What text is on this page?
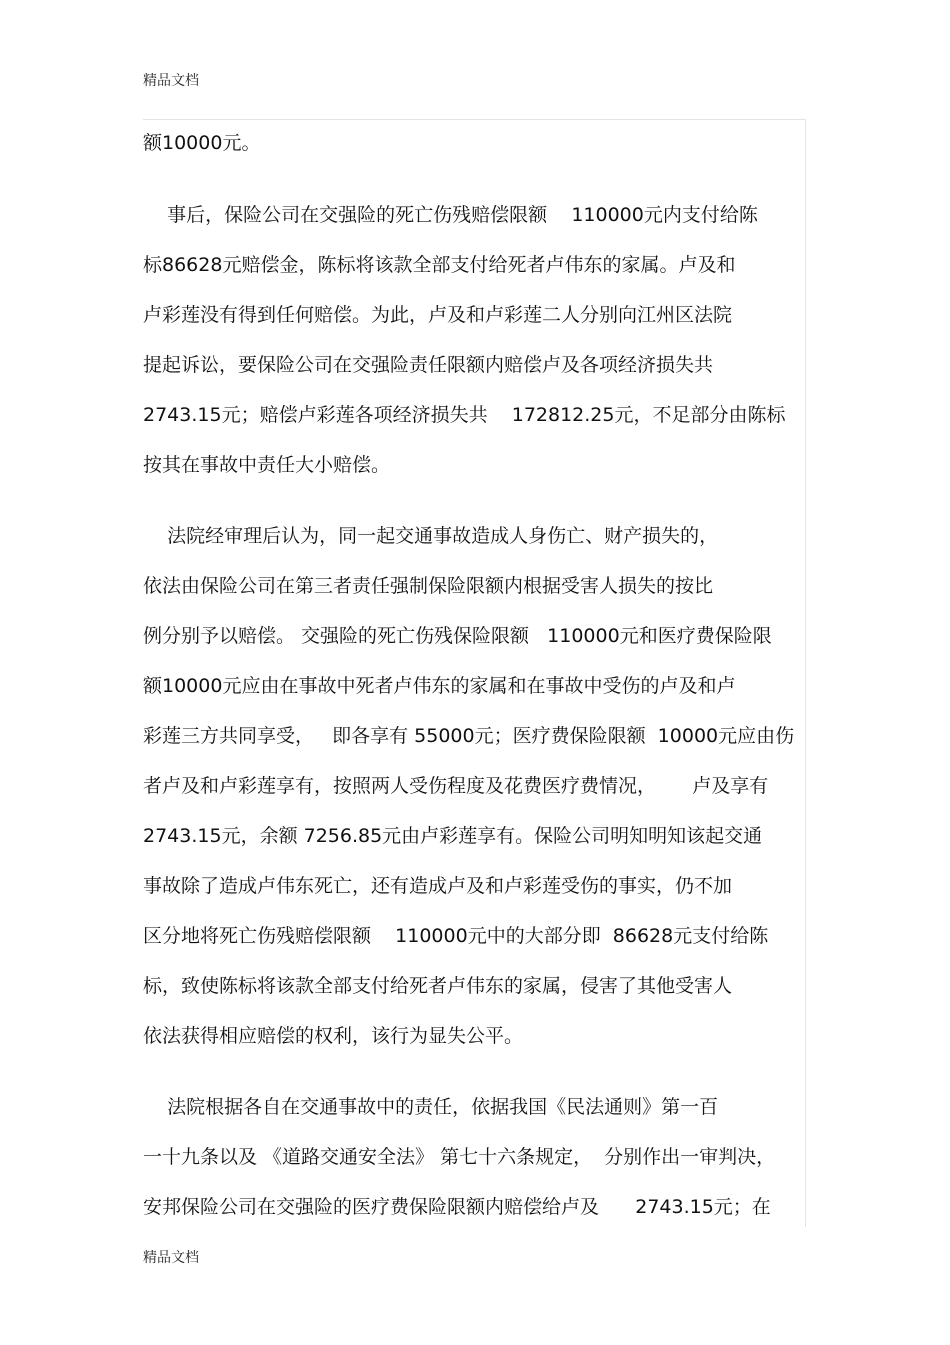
精品文档
额10000元。
事后，保险公司在交强险的死亡伤残赔偿限额    110000元内支付给陈
标86628元赔偿金，陈标将该款全部支付给死者卢伟东的家属。卢及和
卢彩莲没有得到任何赔偿。为此，卢及和卢彩莲二人分别向江州区法院
提起诉讼，要保险公司在交强险责任限额内赔偿卢及各项经济损失共
2743.15元；赔偿卢彩莲各项经济损失共    172812.25元，不足部分由陈标
按其在事故中责任大小赔偿。
法院经审理后认为，同一起交通事故造成人身伤亡、财产损失的，
依法由保险公司在第三者责任强制保险限额内根据受害人损失的按比
例分别予以赔偿。 交强险的死亡伤残保险限额   110000元和医疗费保险限
额10000元应由在事故中死者卢伟东的家属和在事故中受伤的卢及和卢
彩莲三方共同享受，   即各享有 55000元；医疗费保险限额  10000元应由伤
者卢及和卢彩莲享有，按照两人受伤程度及花费医疗费情况，      卢及享有
2743.15元，余额 7256.85元由卢彩莲享有。保险公司明知明知该起交通
事故除了造成卢伟东死亡，还有造成卢及和卢彩莲受伤的事实，仍不加
区分地将死亡伤残赔偿限额    110000元中的大部分即  86628元支付给陈
标，致使陈标将该款全部支付给死者卢伟东的家属，侵害了其他受害人
依法获得相应赔偿的权利，该行为显失公平。
法院根据各自在交通事故中的责任，依据我国《民法通则》第一百
一十九条以及 《道路交通安全法》 第七十六条规定，  分别作出一审判决，
安邦保险公司在交强险的医疗费保险限额内赔偿给卢及      2743.15元；在
精品文档
